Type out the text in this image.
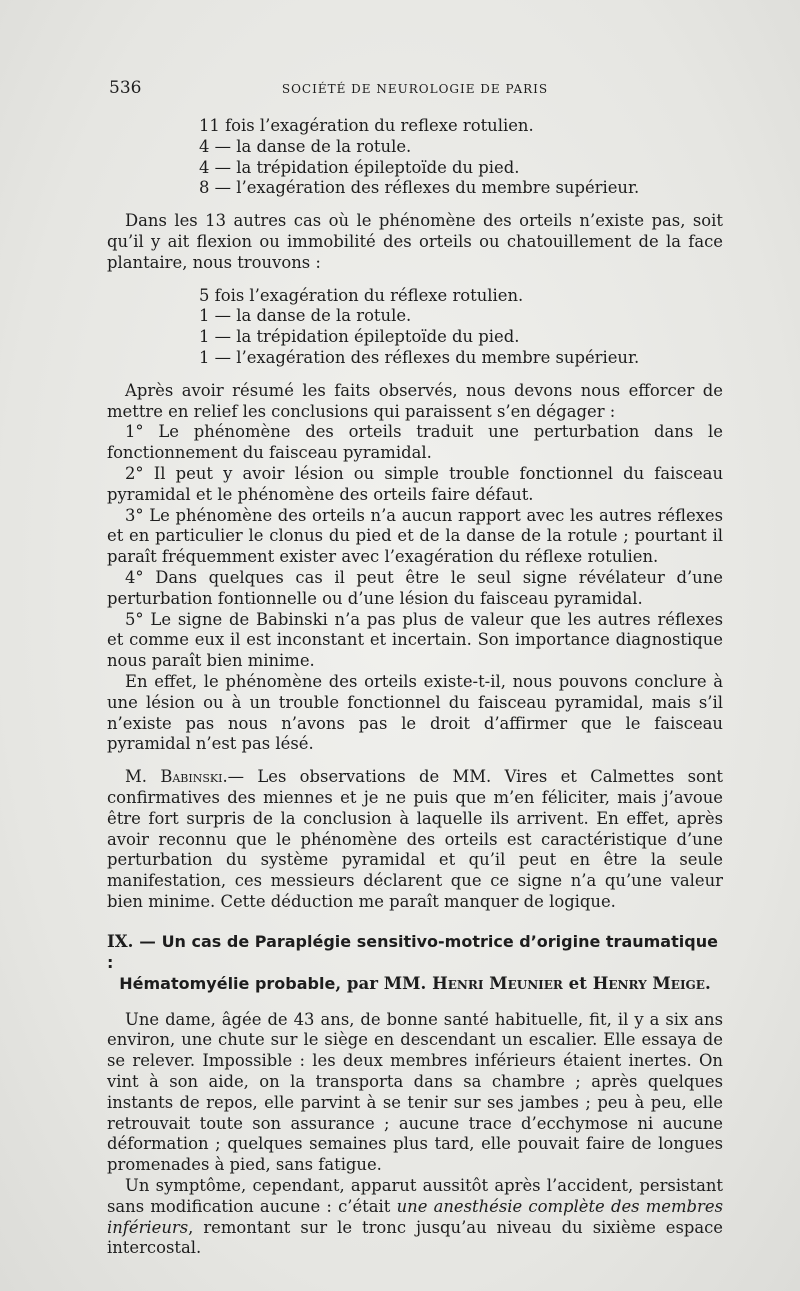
536	SOCIÉTÉ DE NEUROLOGIE DE PARIS
11 fois l’exagération du reflexe rotulien.
4 — la danse de la rotule.
4 — la trépidation épileptoïde du pied.
8 — l’exagération des réflexes du membre supérieur.

Dans les 13 autres cas où le phénomène des orteils n’existe pas, soit qu’il y ait flexion ou immobilité des orteils ou chatouillement de la face plantaire, nous trouvons :

5 fois l’exagération du réflexe rotulien.
1 — la danse de la rotule.
1 — la trépidation épileptoïde du pied.
1 — l’exagération des réflexes du membre supérieur.

Après avoir résumé les faits observés, nous devons nous efforcer de mettre en relief les conclusions qui paraissent s’en dégager :

1° Le phénomène des orteils traduit une perturbation dans le fonctionnement du faisceau pyramidal.

2° Il peut y avoir lésion ou simple trouble fonctionnel du faisceau pyramidal et le phénomène des orteils faire défaut.

3° Le phénomène des orteils n’a aucun rapport avec les autres réflexes et en particulier le clonus du pied et de la danse de la rotule ; pourtant il paraît fréquemment exister avec l’exagération du réflexe rotulien.

4° Dans quelques cas il peut être le seul signe révélateur d’une perturbation fontionnelle ou d’une lésion du faisceau pyramidal.

5° Le signe de Babinski n’a pas plus de valeur que les autres réflexes et comme eux il est inconstant et incertain. Son importance diagnostique nous paraît bien minime.

En effet, le phénomène des orteils existe-t-il, nous pouvons conclure à une lésion ou à un trouble fonctionnel du faisceau pyramidal, mais s’il n’existe pas nous n’avons pas le droit d’affirmer que le faisceau pyramidal n’est pas lésé.

M. Babinski.— Les observations de MM. Vires et Calmettes sont confirmatives des miennes et je ne puis que m’en féliciter, mais j’avoue être fort surpris de la conclusion à laquelle ils arrivent. En effet, après avoir reconnu que le phénomène des orteils est caractéristique d’une perturbation du système pyramidal et qu’il peut en être la seule manifestation, ces messieurs déclarent que ce signe n’a qu’une valeur bien minime. Cette déduction me paraît manquer de logique.

IX. — Un cas de Paraplégie sensitivo-motrice d’origine traumatique :
Hématomyélie probable, par MM. Henri Meunier et Henry Meige.

Une dame, âgée de 43 ans, de bonne santé habituelle, fit, il y a six ans environ, une chute sur le siège en descendant un escalier. Elle essaya de se relever. Impossible : les deux membres inférieurs étaient inertes. On vint à son aide, on la transporta dans sa chambre ; après quelques instants de repos, elle parvint à se tenir sur ses jambes ; peu à peu, elle retrouvait toute son assurance ; aucune trace d’ecchymose ni aucune déformation ; quelques semaines plus tard, elle pouvait faire de longues promenades à pied, sans fatigue.

Un symptôme, cependant, apparut aussitôt après l’accident, persistant sans modification aucune : c’était une anesthésie complète des membres inférieurs, remontant sur le tronc jusqu’au niveau du sixième espace intercostal.
